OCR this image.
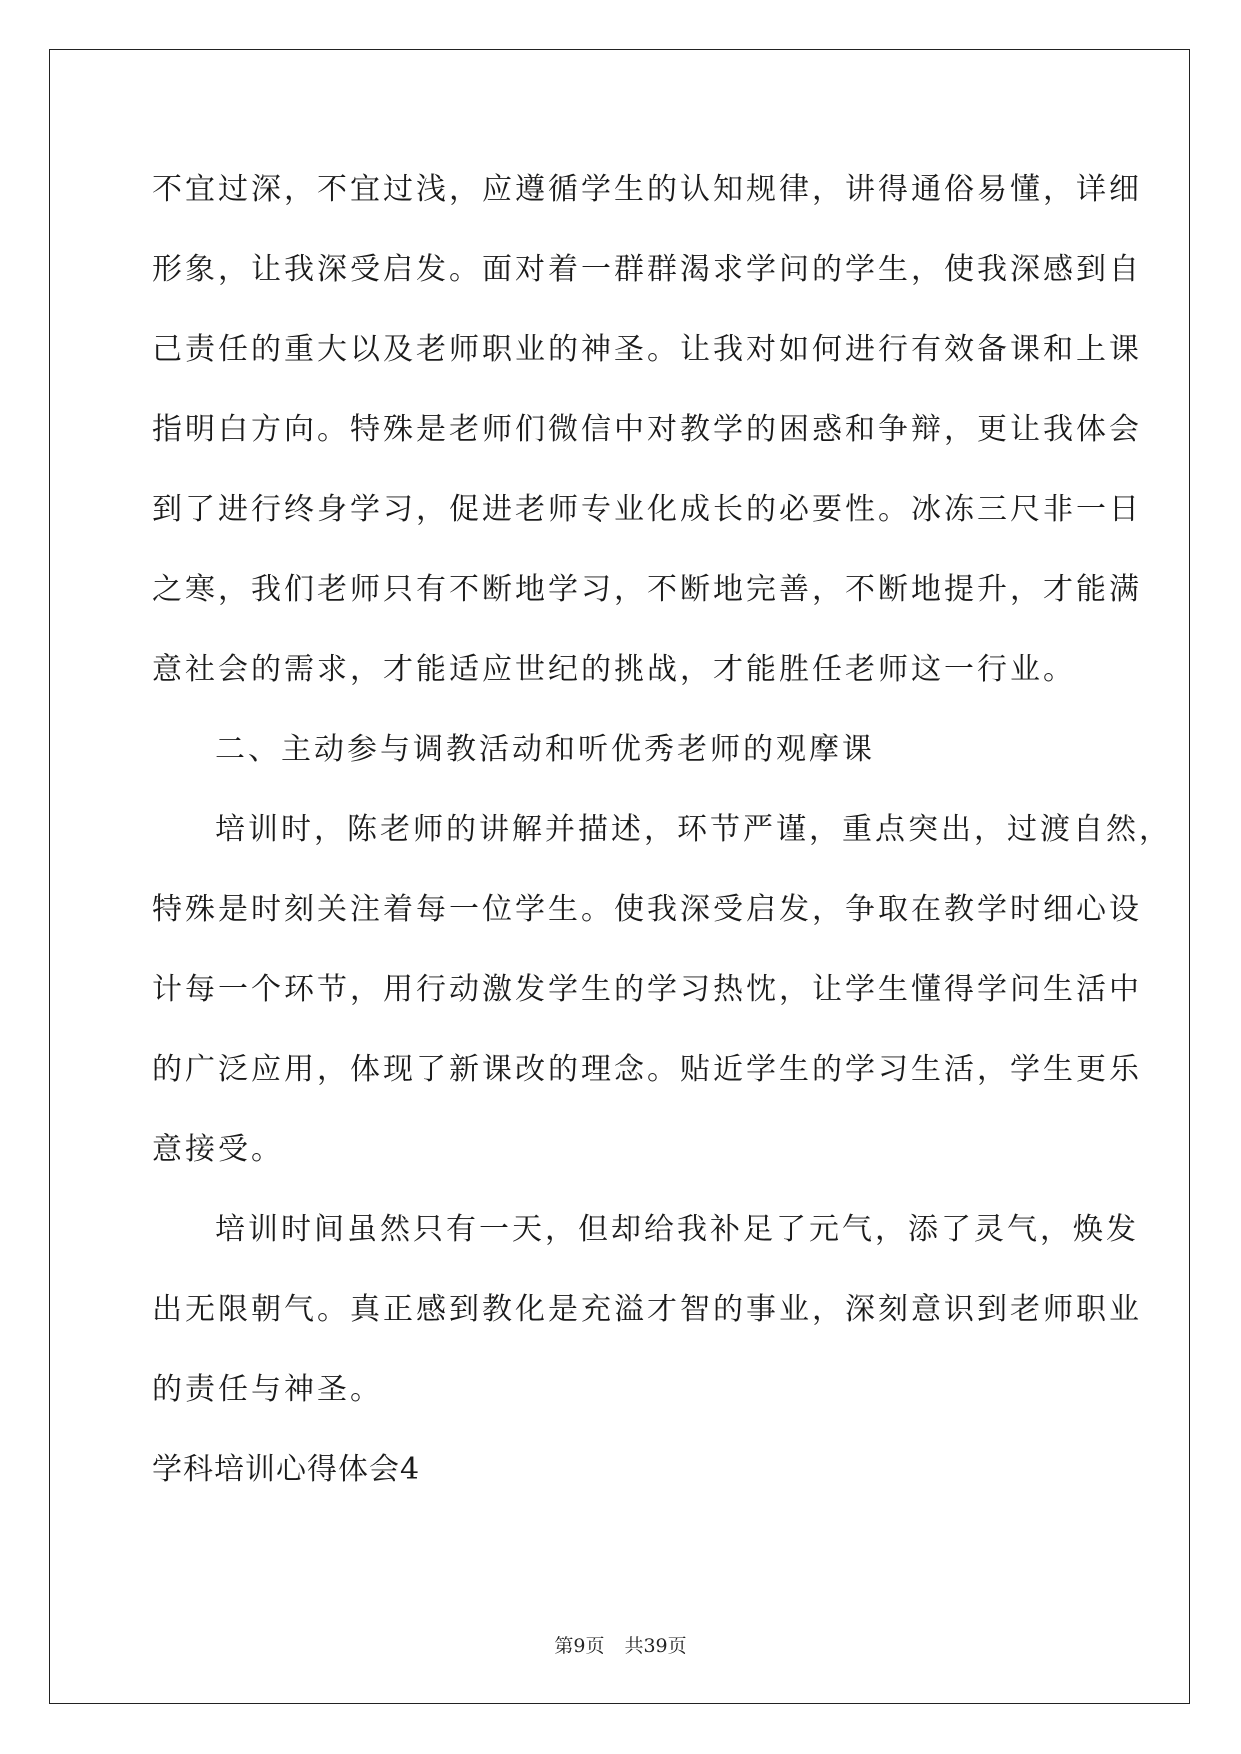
不宜过深，不宜过浅，应遵循学生的认知规律，讲得通俗易懂，详细
形象，让我深受启发。面对着一群群渴求学问的学生，使我深感到自
己责任的重大以及老师职业的神圣。让我对如何进行有效备课和上课
指明白方向。特殊是老师们微信中对教学的困惑和争辩，更让我体会
到了进行终身学习，促进老师专业化成长的必要性。冰冻三尺非一日
之寒，我们老师只有不断地学习，不断地完善，不断地提升，才能满
意社会的需求，才能适应世纪的挑战，才能胜任老师这一行业。
二、主动参与调教活动和听优秀老师的观摩课
培训时，陈老师的讲解并描述，环节严谨，重点突出，过渡自然，
特殊是时刻关注着每一位学生。使我深受启发，争取在教学时细心设
计每一个环节，用行动激发学生的学习热忱，让学生懂得学问生活中
的广泛应用，体现了新课改的理念。贴近学生的学习生活，学生更乐
意接受。
培训时间虽然只有一天，但却给我补足了元气，添了灵气，焕发
出无限朝气。真正感到教化是充溢才智的事业，深刻意识到老师职业
的责任与神圣。
学科培训心得体会4
第9页 共39页
